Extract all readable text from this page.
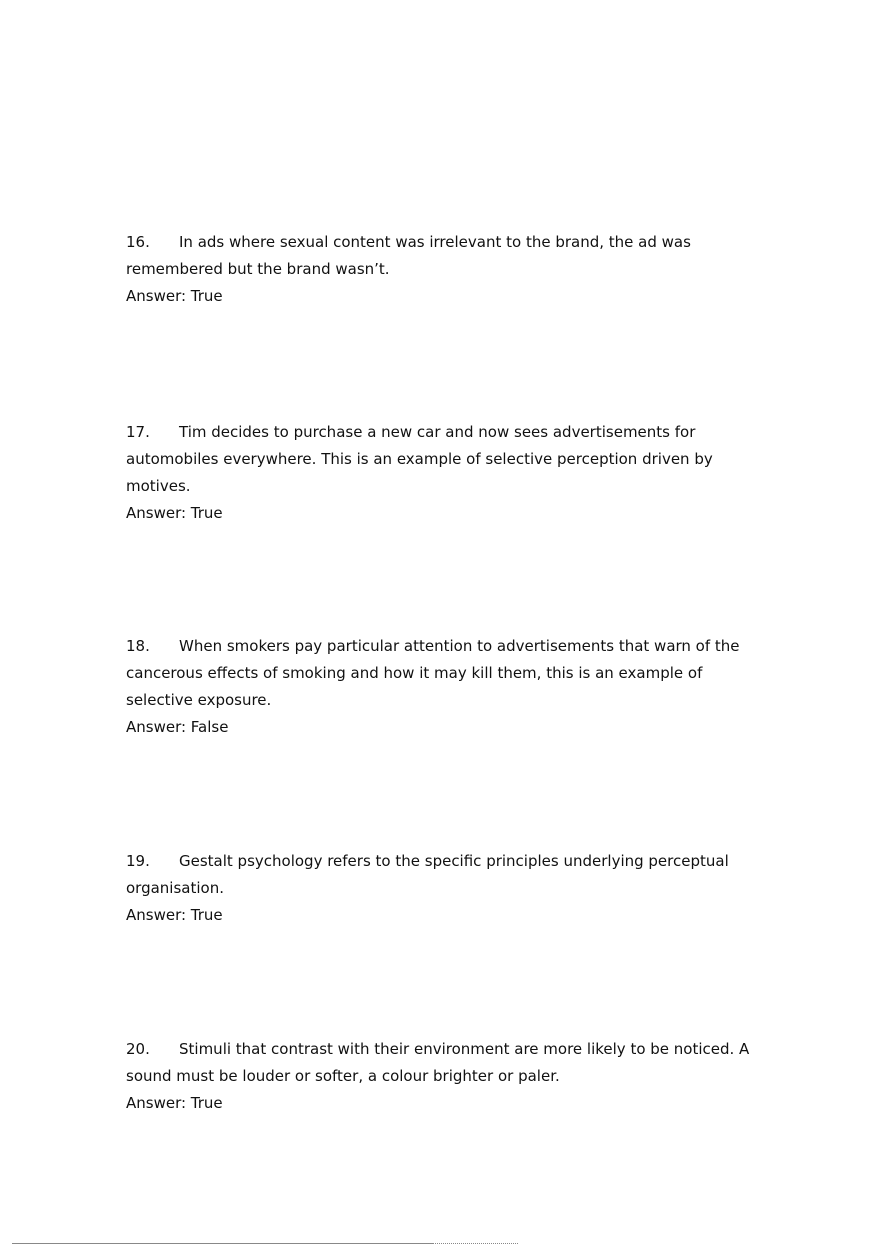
16. In ads where sexual content was irrelevant to the brand, the ad was remembered but the brand wasn’t.

Answer: True

17. Tim decides to purchase a new car and now sees advertisements for automobiles everywhere. This is an example of selective perception driven by motives.

Answer: True

18. When smokers pay particular attention to advertisements that warn of the cancerous effects of smoking and how it may kill them, this is an example of selective exposure.

Answer: False

19. Gestalt psychology refers to the specific principles underlying perceptual organisation.

Answer: True

20. Stimuli that contrast with their environment are more likely to be noticed. A sound must be louder or softer, a colour brighter or paler.

Answer: True
